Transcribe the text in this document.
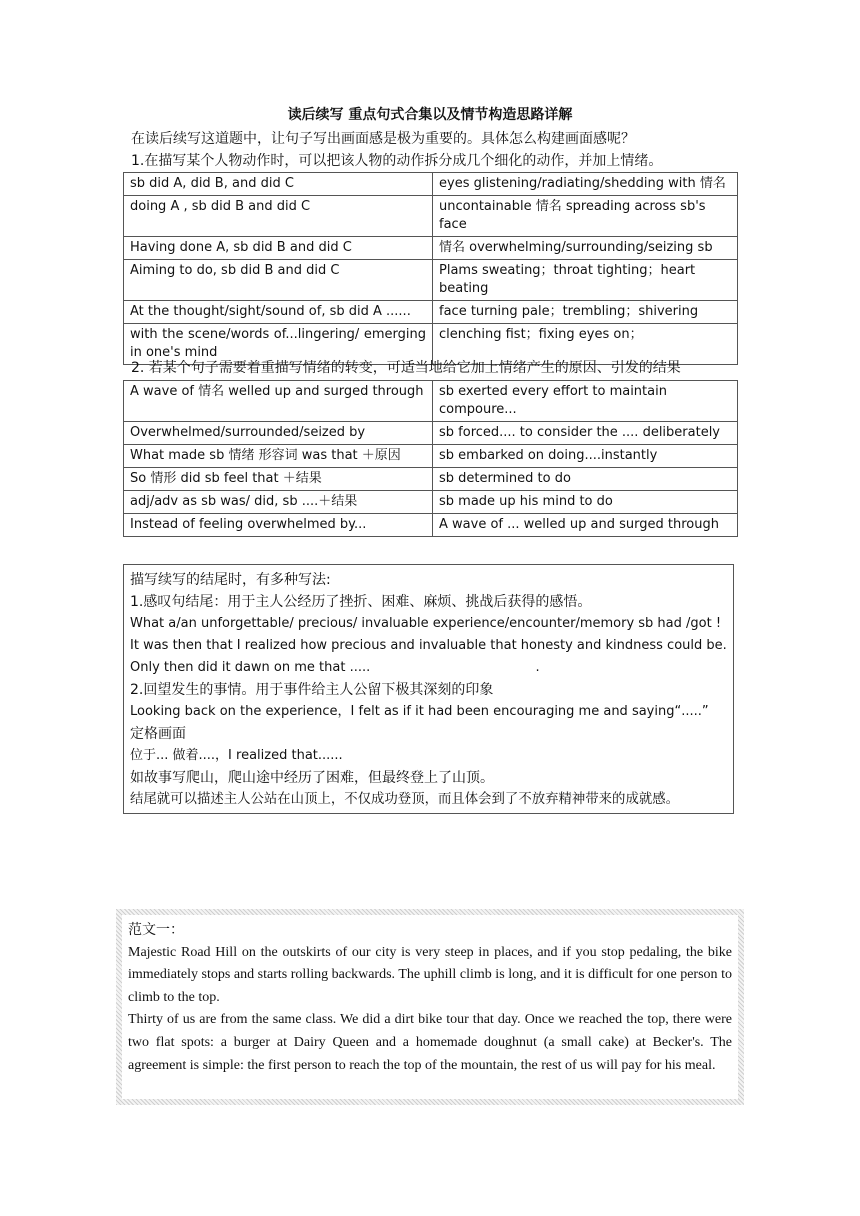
读后续写 重点句式合集以及情节构造思路详解
在读后续写这道题中，让句子写出画面感是极为重要的。具体怎么构建画面感呢？
1.在描写某个人物动作时，可以把该人物的动作拆分成几个细化的动作，并加上情绪。
sb did A, did B, and did C	eyes glistening/radiating/shedding with 情名
doing A , sb did B and did C	uncontainable 情名 spreading across sb's face
Having done A, sb did B and did C	情名 overwhelming/surrounding/seizing sb
Aiming to do, sb did B and did C	Plams sweating；throat tighting；heart beating
At the thought/sight/sound of, sb did A ......	face turning pale；trembling；shivering
with the scene/words of...lingering/ emerging in one's mind	clenching fist；fixing eyes on；
2. 若某个句子需要着重描写情绪的转变，可适当地给它加上情绪产生的原因、引发的结果
A wave of 情名 welled up and surged through	sb exerted every effort to maintain compoure...
Overwhelmed/surrounded/seized by	sb forced.... to consider the .... deliberately
What made sb 情绪 形容词 was that ＋原因	sb embarked on doing....instantly
So 情形 did sb feel that ＋结果	sb determined to do
adj/adv as sb was/ did, sb ....＋结果	sb made up his mind to do
Instead of feeling overwhelmed by...	A wave of ... welled up and surged through
描写续写的结尾时，有多种写法:
1.感叹句结尾：用于主人公经历了挫折、困难、麻烦、挑战后获得的感悟。
What a/an unforgettable/ precious/ invaluable experience/encounter/memory sb had /got !
It was then that I realized how precious and invaluable that honesty and kindness could be.
Only then did it dawn on me that .....                                        .
2.回望发生的事情。用于事件给主人公留下极其深刻的印象
Looking back on the experience，I felt as if it had been encouraging me and saying“.....”
定格画面
位于... 做着....，I realized that......
如故事写爬山，爬山途中经历了困难，但最终登上了山顶。
结尾就可以描述主人公站在山顶上，不仅成功登顶，而且体会到了不放弃精神带来的成就感。
范文一：

Majestic Road Hill on the outskirts of our city is very steep in places, and if you stop pedaling, the bike immediately stops and starts rolling backwards. The uphill climb is long, and it is difficult for one person to climb to the top.

Thirty of us are from the same class. We did a dirt bike tour that day. Once we reached the top, there were two flat spots: a burger at Dairy Queen and a homemade doughnut (a small cake) at Becker's. The agreement is simple: the first person to reach the top of the mountain, the rest of us will pay for his meal.
